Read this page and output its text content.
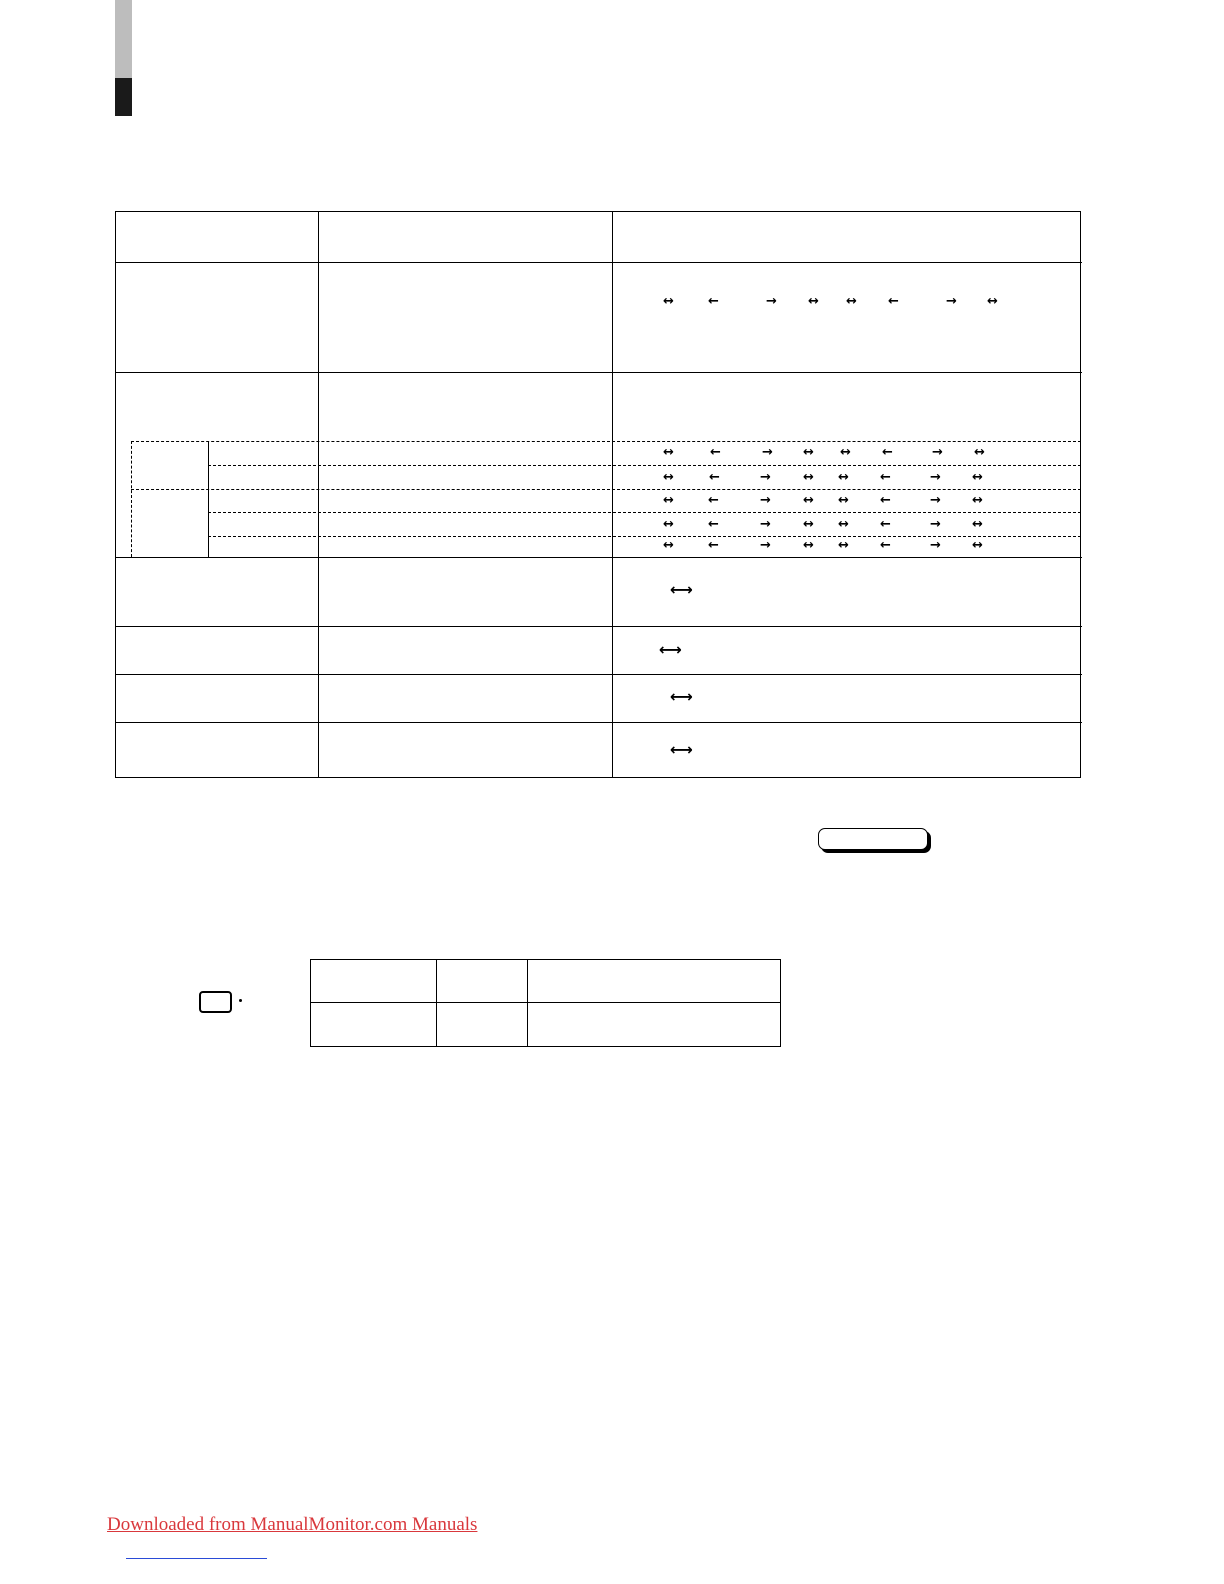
↔	←	→ ↔ ↔ ←	→ ↔
↔	←	→ ↔ ↔ ←	→ ↔
↔	←	→ ↔ ↔ ←	→ ↔
↔	←	→ ↔ ↔ ←	→ ↔
↔	←	→ ↔ ↔ ←	→ ↔
↔	←	→ ↔ ↔ ←	→ ↔
⟷
⟷
⟷
⟷
Downloaded from ManualMonitor.com Manuals
